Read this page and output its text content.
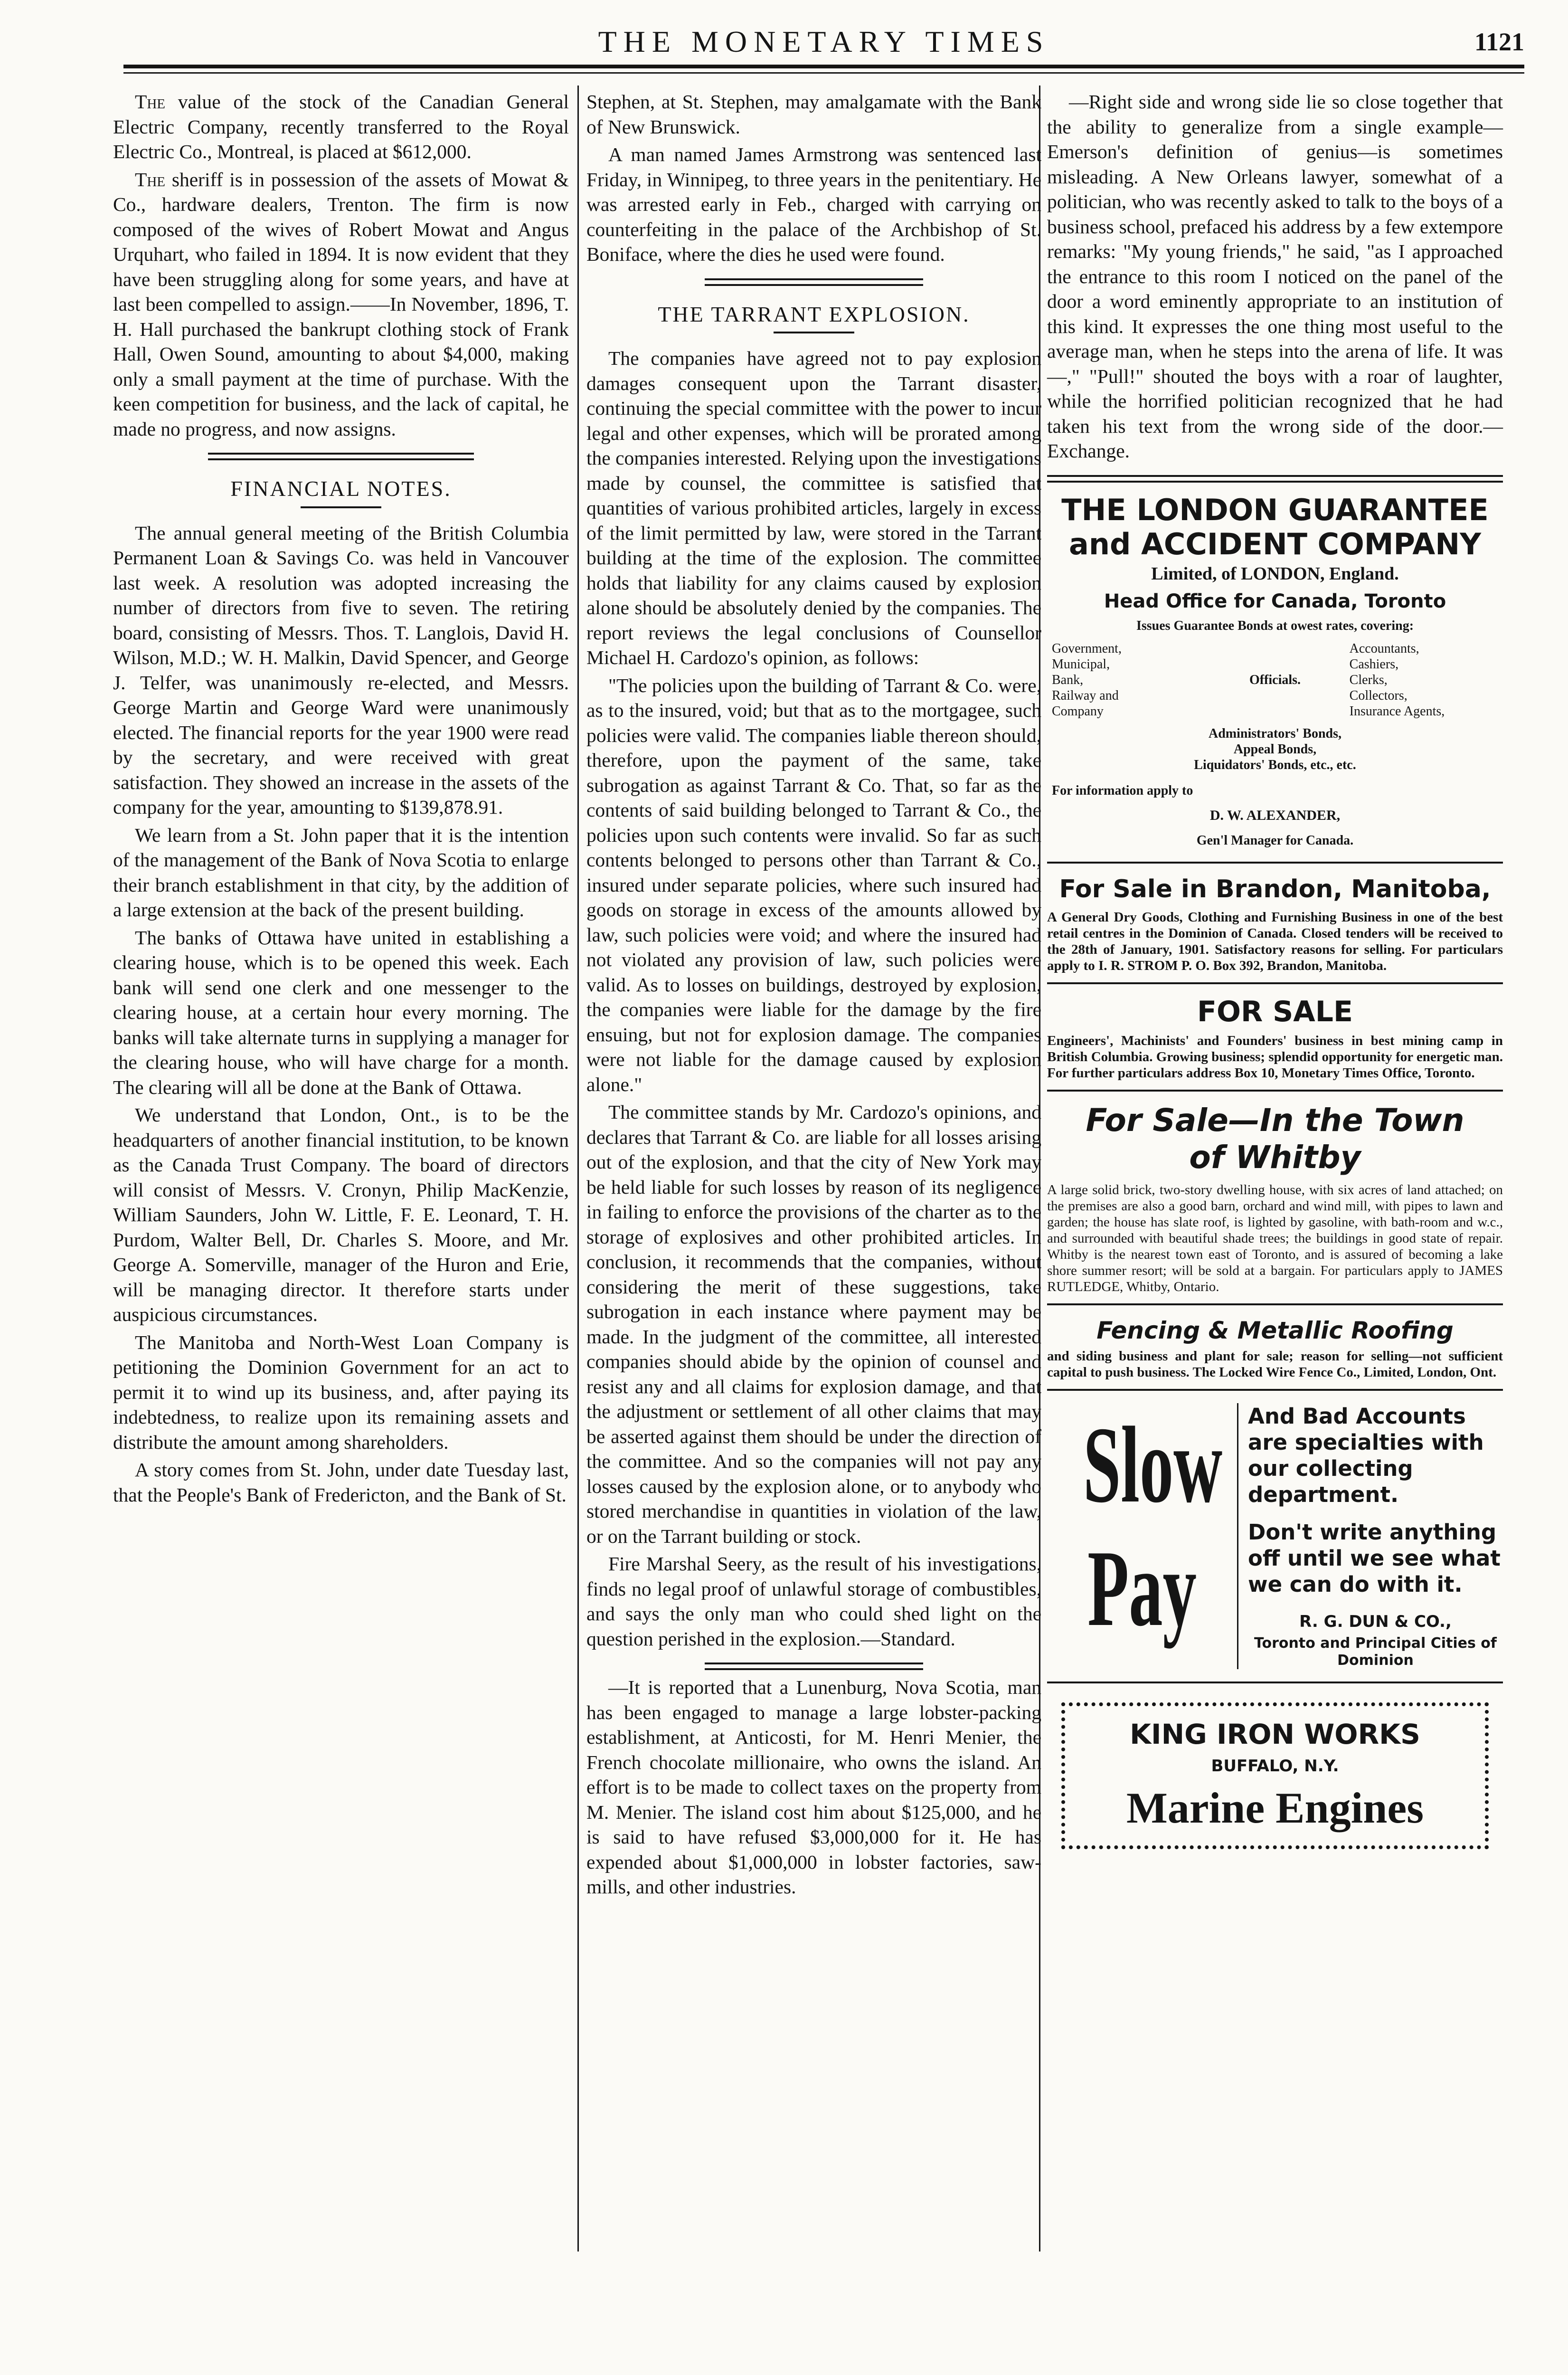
THE MONETARY TIMES	1121

The value of the stock of the Canadian General Electric Company, recently transferred to the Royal Electric Co., Montreal, is placed at $612,000.

The sheriff is in possession of the assets of Mowat & Co., hardware dealers, Trenton. The firm is now composed of the wives of Robert Mowat and Angus Urquhart, who failed in 1894. It is now evident that they have been struggling along for some years, and have at last been compelled to assign.——In November, 1896, T. H. Hall purchased the bankrupt clothing stock of Frank Hall, Owen Sound, amounting to about $4,000, making only a small payment at the time of purchase. With the keen competition for business, and the lack of capital, he made no progress, and now assigns.

FINANCIAL NOTES.

The annual general meeting of the British Columbia Permanent Loan & Savings Co. was held in Vancouver last week. A resolution was adopted increasing the number of directors from five to seven. The retiring board, consisting of Messrs. Thos. T. Langlois, David H. Wilson, M.D.; W. H. Malkin, David Spencer, and George J. Telfer, was unanimously re-elected, and Messrs. George Martin and George Ward were unanimously elected. The financial reports for the year 1900 were read by the secretary, and were received with great satisfaction. They showed an increase in the assets of the company for the year, amounting to $139,878.91.

We learn from a St. John paper that it is the intention of the management of the Bank of Nova Scotia to enlarge their branch establishment in that city, by the addition of a large extension at the back of the present building.

The banks of Ottawa have united in establishing a clearing house, which is to be opened this week. Each bank will send one clerk and one messenger to the clearing house, at a certain hour every morning. The banks will take alternate turns in supplying a manager for the clearing house, who will have charge for a month. The clearing will all be done at the Bank of Ottawa.

We understand that London, Ont., is to be the headquarters of another financial institution, to be known as the Canada Trust Company. The board of directors will consist of Messrs. V. Cronyn, Philip MacKenzie, William Saunders, John W. Little, F. E. Leonard, T. H. Purdom, Walter Bell, Dr. Charles S. Moore, and Mr. George A. Somerville, manager of the Huron and Erie, will be managing director. It therefore starts under auspicious circumstances.

The Manitoba and North-West Loan Company is petitioning the Dominion Government for an act to permit it to wind up its business, and, after paying its indebtedness, to realize upon its remaining assets and distribute the amount among shareholders.

A story comes from St. John, under date Tuesday last, that the People's Bank of Fredericton, and the Bank of St.

Stephen, at St. Stephen, may amalgamate with the Bank of New Brunswick.

A man named James Armstrong was sentenced last Friday, in Winnipeg, to three years in the penitentiary. He was arrested early in Feb., charged with carrying on counterfeiting in the palace of the Archbishop of St. Boniface, where the dies he used were found.

THE TARRANT EXPLOSION.

The companies have agreed not to pay explosion damages consequent upon the Tarrant disaster, continuing the special committee with the power to incur legal and other expenses, which will be prorated among the companies interested. Relying upon the investigations made by counsel, the committee is satisfied that quantities of various prohibited articles, largely in excess of the limit permitted by law, were stored in the Tarrant building at the time of the explosion. The committee holds that liability for any claims caused by explosion alone should be absolutely denied by the companies. The report reviews the legal conclusions of Counsellor Michael H. Cardozo's opinion, as follows:

"The policies upon the building of Tarrant & Co. were, as to the insured, void; but that as to the mortgagee, such policies were valid. The companies liable thereon should, therefore, upon the payment of the same, take subrogation as against Tarrant & Co. That, so far as the contents of said building belonged to Tarrant & Co., the policies upon such contents were invalid. So far as such contents belonged to persons other than Tarrant & Co., insured under separate policies, where such insured had goods on storage in excess of the amounts allowed by law, such policies were void; and where the insured had not violated any provision of law, such policies were valid. As to losses on buildings, destroyed by explosion, the companies were liable for the damage by the fire ensuing, but not for explosion damage. The companies were not liable for the damage caused by explosion alone."

The committee stands by Mr. Cardozo's opinions, and declares that Tarrant & Co. are liable for all losses arising out of the explosion, and that the city of New York may be held liable for such losses by reason of its negligence in failing to enforce the provisions of the charter as to the storage of explosives and other prohibited articles. In conclusion, it recommends that the companies, without considering the merit of these suggestions, take subrogation in each instance where payment may be made. In the judgment of the committee, all interested companies should abide by the opinion of counsel and resist any and all claims for explosion damage, and that the adjustment or settlement of all other claims that may be asserted against them should be under the direction of the committee. And so the companies will not pay any losses caused by the explosion alone, or to anybody who stored merchandise in quantities in violation of the law, or on the Tarrant building or stock.

Fire Marshal Seery, as the result of his investigations, finds no legal proof of unlawful storage of combustibles, and says the only man who could shed light on the question perished in the explosion.—Standard.

—It is reported that a Lunenburg, Nova Scotia, man has been engaged to manage a large lobster-packing establishment, at Anticosti, for M. Henri Menier, the French chocolate millionaire, who owns the island. An effort is to be made to collect taxes on the property from M. Menier. The island cost him about $125,000, and he is said to have refused $3,000,000 for it. He has expended about $1,000,000 in lobster factories, saw-mills, and other industries.

—Right side and wrong side lie so close together that the ability to generalize from a single example—Emerson's definition of genius—is sometimes misleading. A New Orleans lawyer, somewhat of a politician, who was recently asked to talk to the boys of a business school, prefaced his address by a few extempore remarks: "My young friends," he said, "as I approached the entrance to this room I noticed on the panel of the door a word eminently appropriate to an institution of this kind. It expresses the one thing most useful to the average man, when he steps into the arena of life. It was—," "Pull!" shouted the boys with a roar of laughter, while the horrified politician recognized that he had taken his text from the wrong side of the door.—Exchange.

THE LONDON GUARANTEE
and ACCIDENT COMPANY
Limited, of LONDON, England.
Head Office for Canada, Toronto
Issues Guarantee Bonds at owest rates, covering:
Government,
Municipal,
Bank,
Railway and
Company
Officials.
Accountants,
Cashiers,
Clerks,
Collectors,
Insurance Agents,
Administrators' Bonds,
Appeal Bonds,
Liquidators' Bonds, etc., etc.
For information apply to
D. W. ALEXANDER,
Gen'l Manager for Canada.
For Sale in Brandon, Manitoba,
A General Dry Goods, Clothing and Furnishing Business in one of the best retail centres in the Dominion of Canada. Closed tenders will be received to the 28th of January, 1901. Satisfactory reasons for selling. For particulars apply to I. R. STROM P. O. Box 392, Brandon, Manitoba.
FOR SALE
Engineers', Machinists' and Founders' business in best mining camp in British Columbia. Growing business; splendid opportunity for energetic man. For further particulars address Box 10, Monetary Times Office, Toronto.
For Sale—In the Town
of Whitby
A large solid brick, two-story dwelling house, with six acres of land attached; on the premises are also a good barn, orchard and wind mill, with pipes to lawn and garden; the house has slate roof, is lighted by gasoline, with bath-room and w.c., and surrounded with beautiful shade trees; the buildings in good state of repair. Whitby is the nearest town east of Toronto, and is assured of becoming a lake shore summer resort; will be sold at a bargain. For particulars apply to JAMES RUTLEDGE, Whitby, Ontario.
Fencing & Metallic Roofing
and siding business and plant for sale; reason for selling—not sufficient capital to push business. The Locked Wire Fence Co., Limited, London, Ont.
Slow
Pay
And Bad Accounts are specialties with our collecting department.
Don't write anything off until we see what we can do with it.
R. G. DUN & CO.,
Toronto and Principal Cities of Dominion
KING IRON WORKS
BUFFALO, N.Y.
Marine Engines
